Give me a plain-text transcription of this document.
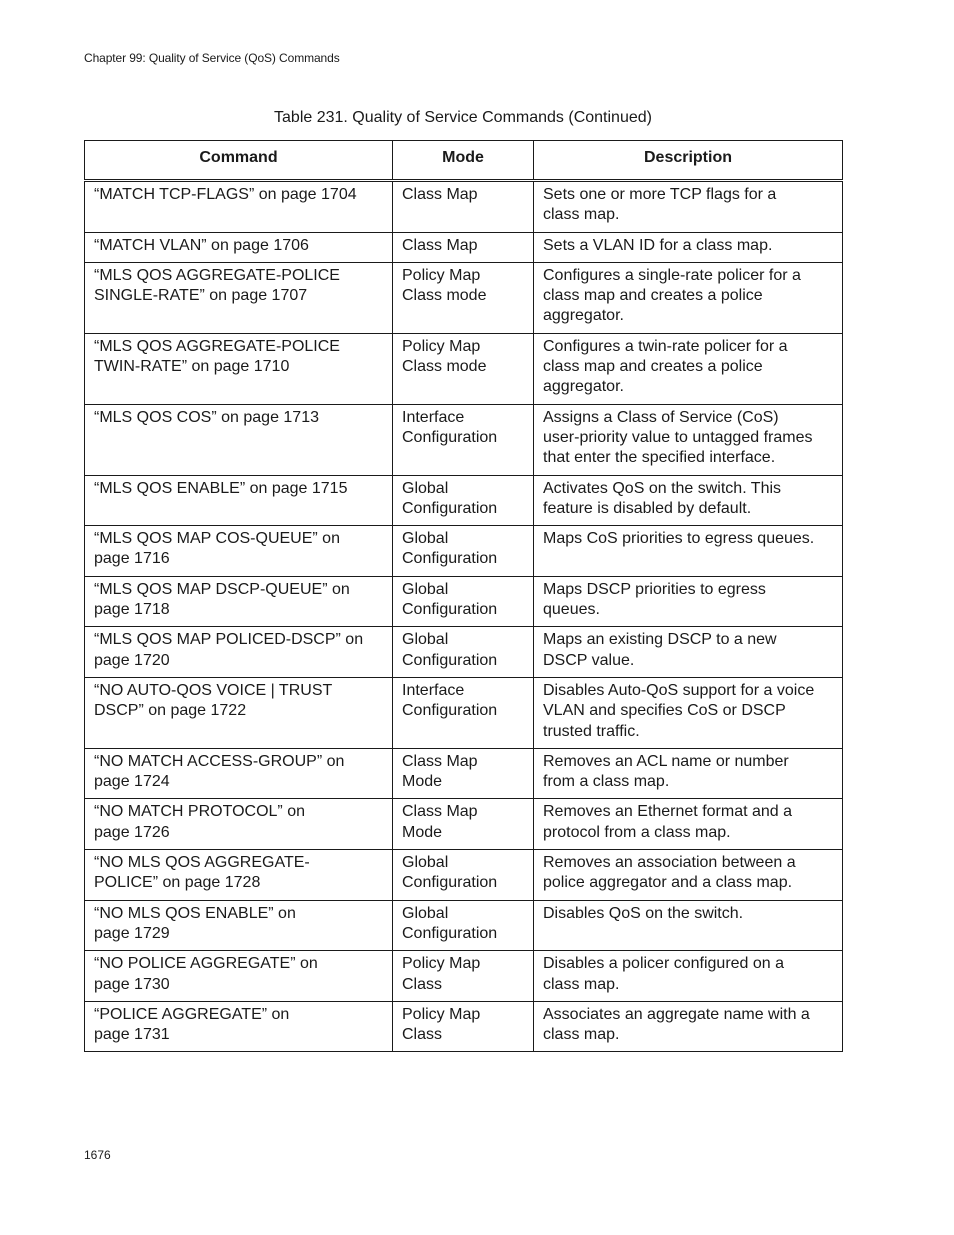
Chapter 99: Quality of Service (QoS) Commands
Table 231. Quality of Service Commands (Continued)
Command	Mode	Description

“MATCH TCP-FLAGS” on page 1704	Class Map	Sets one or more TCP flags for a
class map.

“MATCH VLAN” on page 1706	Class Map	Sets a VLAN ID for a class map.

“MLS QOS AGGREGATE-POLICE
SINGLE-RATE” on page 1707	Policy Map
Class mode	Configures a single-rate policer for a
class map and creates a police
aggregator.

“MLS QOS AGGREGATE-POLICE
TWIN-RATE” on page 1710	Policy Map
Class mode	Configures a twin-rate policer for a
class map and creates a police
aggregator.

“MLS QOS COS” on page 1713	Interface
Configuration	Assigns a Class of Service (CoS)
user-priority value to untagged frames
that enter the specified interface.

“MLS QOS ENABLE” on page 1715	Global
Configuration	Activates QoS on the switch. This
feature is disabled by default.

“MLS QOS MAP COS-QUEUE” on
page 1716	Global
Configuration	Maps CoS priorities to egress queues.

“MLS QOS MAP DSCP-QUEUE” on
page 1718	Global
Configuration	Maps DSCP priorities to egress
queues.

“MLS QOS MAP POLICED-DSCP” on
page 1720	Global
Configuration	Maps an existing DSCP to a new
DSCP value.

“NO AUTO-QOS VOICE | TRUST
DSCP” on page 1722	Interface
Configuration	Disables Auto-QoS support for a voice
VLAN and specifies CoS or DSCP
trusted traffic.

“NO MATCH ACCESS-GROUP” on
page 1724	Class Map
Mode	Removes an ACL name or number
from a class map.

“NO MATCH PROTOCOL” on
page 1726	Class Map
Mode	Removes an Ethernet format and a
protocol from a class map.

“NO MLS QOS AGGREGATE-
POLICE” on page 1728	Global
Configuration	Removes an association between a
police aggregator and a class map.

“NO MLS QOS ENABLE” on
page 1729	Global
Configuration	Disables QoS on the switch.

“NO POLICE AGGREGATE” on
page 1730	Policy Map
Class	Disables a policer configured on a
class map.

“POLICE AGGREGATE” on
page 1731	Policy Map
Class	Associates an aggregate name with a
class map.
1676
